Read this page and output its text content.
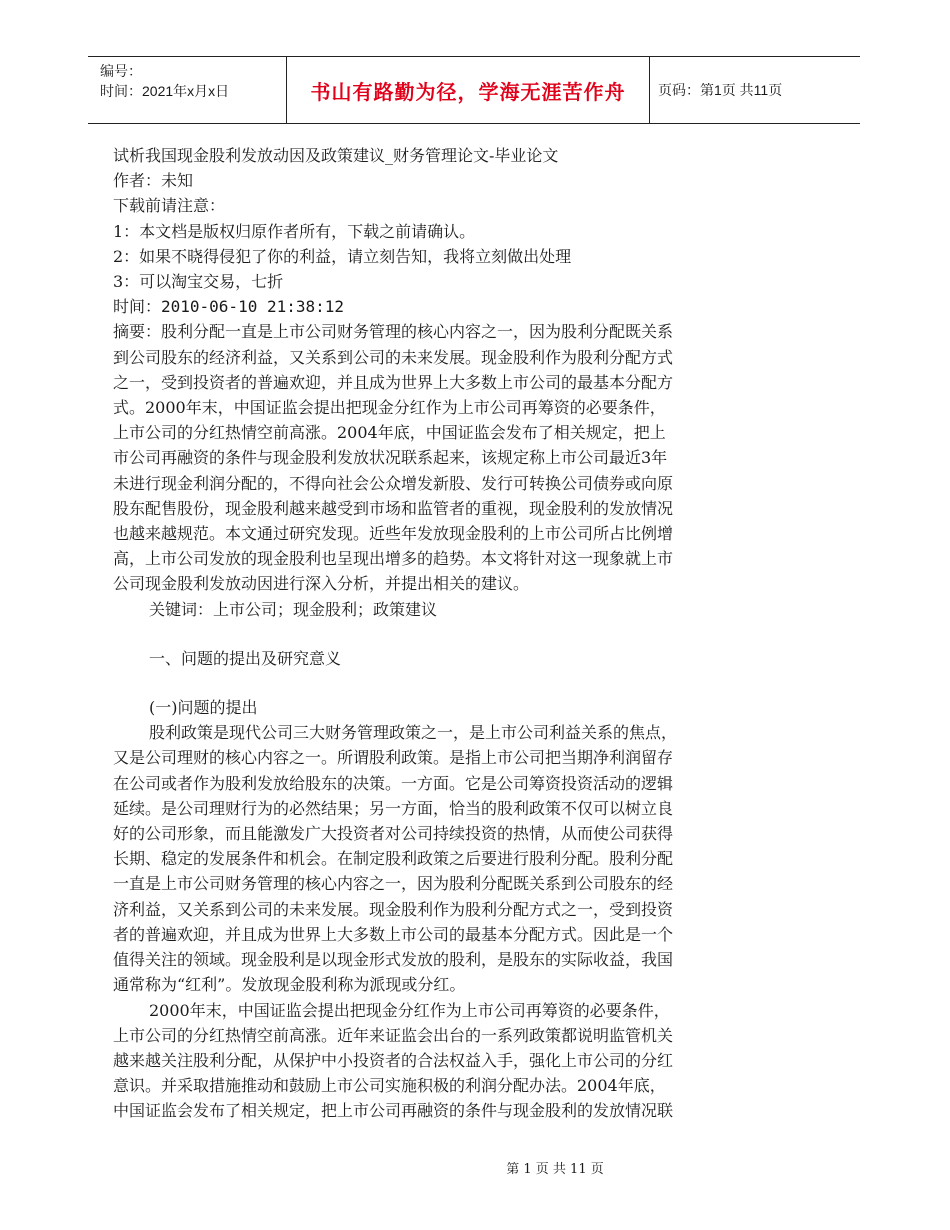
编号：
时间：2021年x月x日	书山有路勤为径，学海无涯苦作舟	页码：第1页 共11页

试析我国现金股利发放动因及政策建议_财务管理论文-毕业论文

作者：未知

下载前请注意：

1：本文档是版权归原作者所有，下载之前请确认。

2：如果不晓得侵犯了你的利益，请立刻告知，我将立刻做出处理

3：可以淘宝交易，七折

时间：2010-06-10 21:38:12

摘要：股利分配一直是上市公司财务管理的核心内容之一，因为股利分配既关系

到公司股东的经济利益，又关系到公司的未来发展。现金股利作为股利分配方式

之一，受到投资者的普遍欢迎，并且成为世界上大多数上市公司的最基本分配方

式。2000年末，中国证监会提出把现金分红作为上市公司再筹资的必要条件，

上市公司的分红热情空前高涨。2004年底，中国证监会发布了相关规定，把上

市公司再融资的条件与现金股利发放状况联系起来，该规定称上市公司最近3年

未进行现金利润分配的，不得向社会公众增发新股、发行可转换公司债券或向原

股东配售股份，现金股利越来越受到市场和监管者的重视，现金股利的发放情况

也越来越规范。本文通过研究发现。近些年发放现金股利的上市公司所占比例增

高，上市公司发放的现金股利也呈现出增多的趋势。本文将针对这一现象就上市

公司现金股利发放动因进行深入分析，并提出相关的建议。

关键词：上市公司；现金股利；政策建议

一、问题的提出及研究意义

(一)问题的提出

股利政策是现代公司三大财务管理政策之一，是上市公司利益关系的焦点，

又是公司理财的核心内容之一。所谓股利政策。是指上市公司把当期净利润留存

在公司或者作为股利发放给股东的决策。一方面。它是公司筹资投资活动的逻辑

延续。是公司理财行为的必然结果；另一方面，恰当的股利政策不仅可以树立良

好的公司形象，而且能激发广大投资者对公司持续投资的热情，从而使公司获得

长期、稳定的发展条件和机会。在制定股利政策之后要进行股利分配。股利分配

一直是上市公司财务管理的核心内容之一，因为股利分配既关系到公司股东的经

济利益，又关系到公司的未来发展。现金股利作为股利分配方式之一，受到投资

者的普遍欢迎，并且成为世界上大多数上市公司的最基本分配方式。因此是一个

值得关注的领域。现金股利是以现金形式发放的股利，是股东的实际收益，我国

通常称为“红利”。发放现金股利称为派现或分红。

2000年末，中国证监会提出把现金分红作为上市公司再筹资的必要条件，

上市公司的分红热情空前高涨。近年来证监会出台的一系列政策都说明监管机关

越来越关注股利分配，从保护中小投资者的合法权益入手，强化上市公司的分红

意识。并采取措施推动和鼓励上市公司实施积极的利润分配办法。2004年底，

中国证监会发布了相关规定，把上市公司再融资的条件与现金股利的发放情况联

第 1 页 共 11 页
